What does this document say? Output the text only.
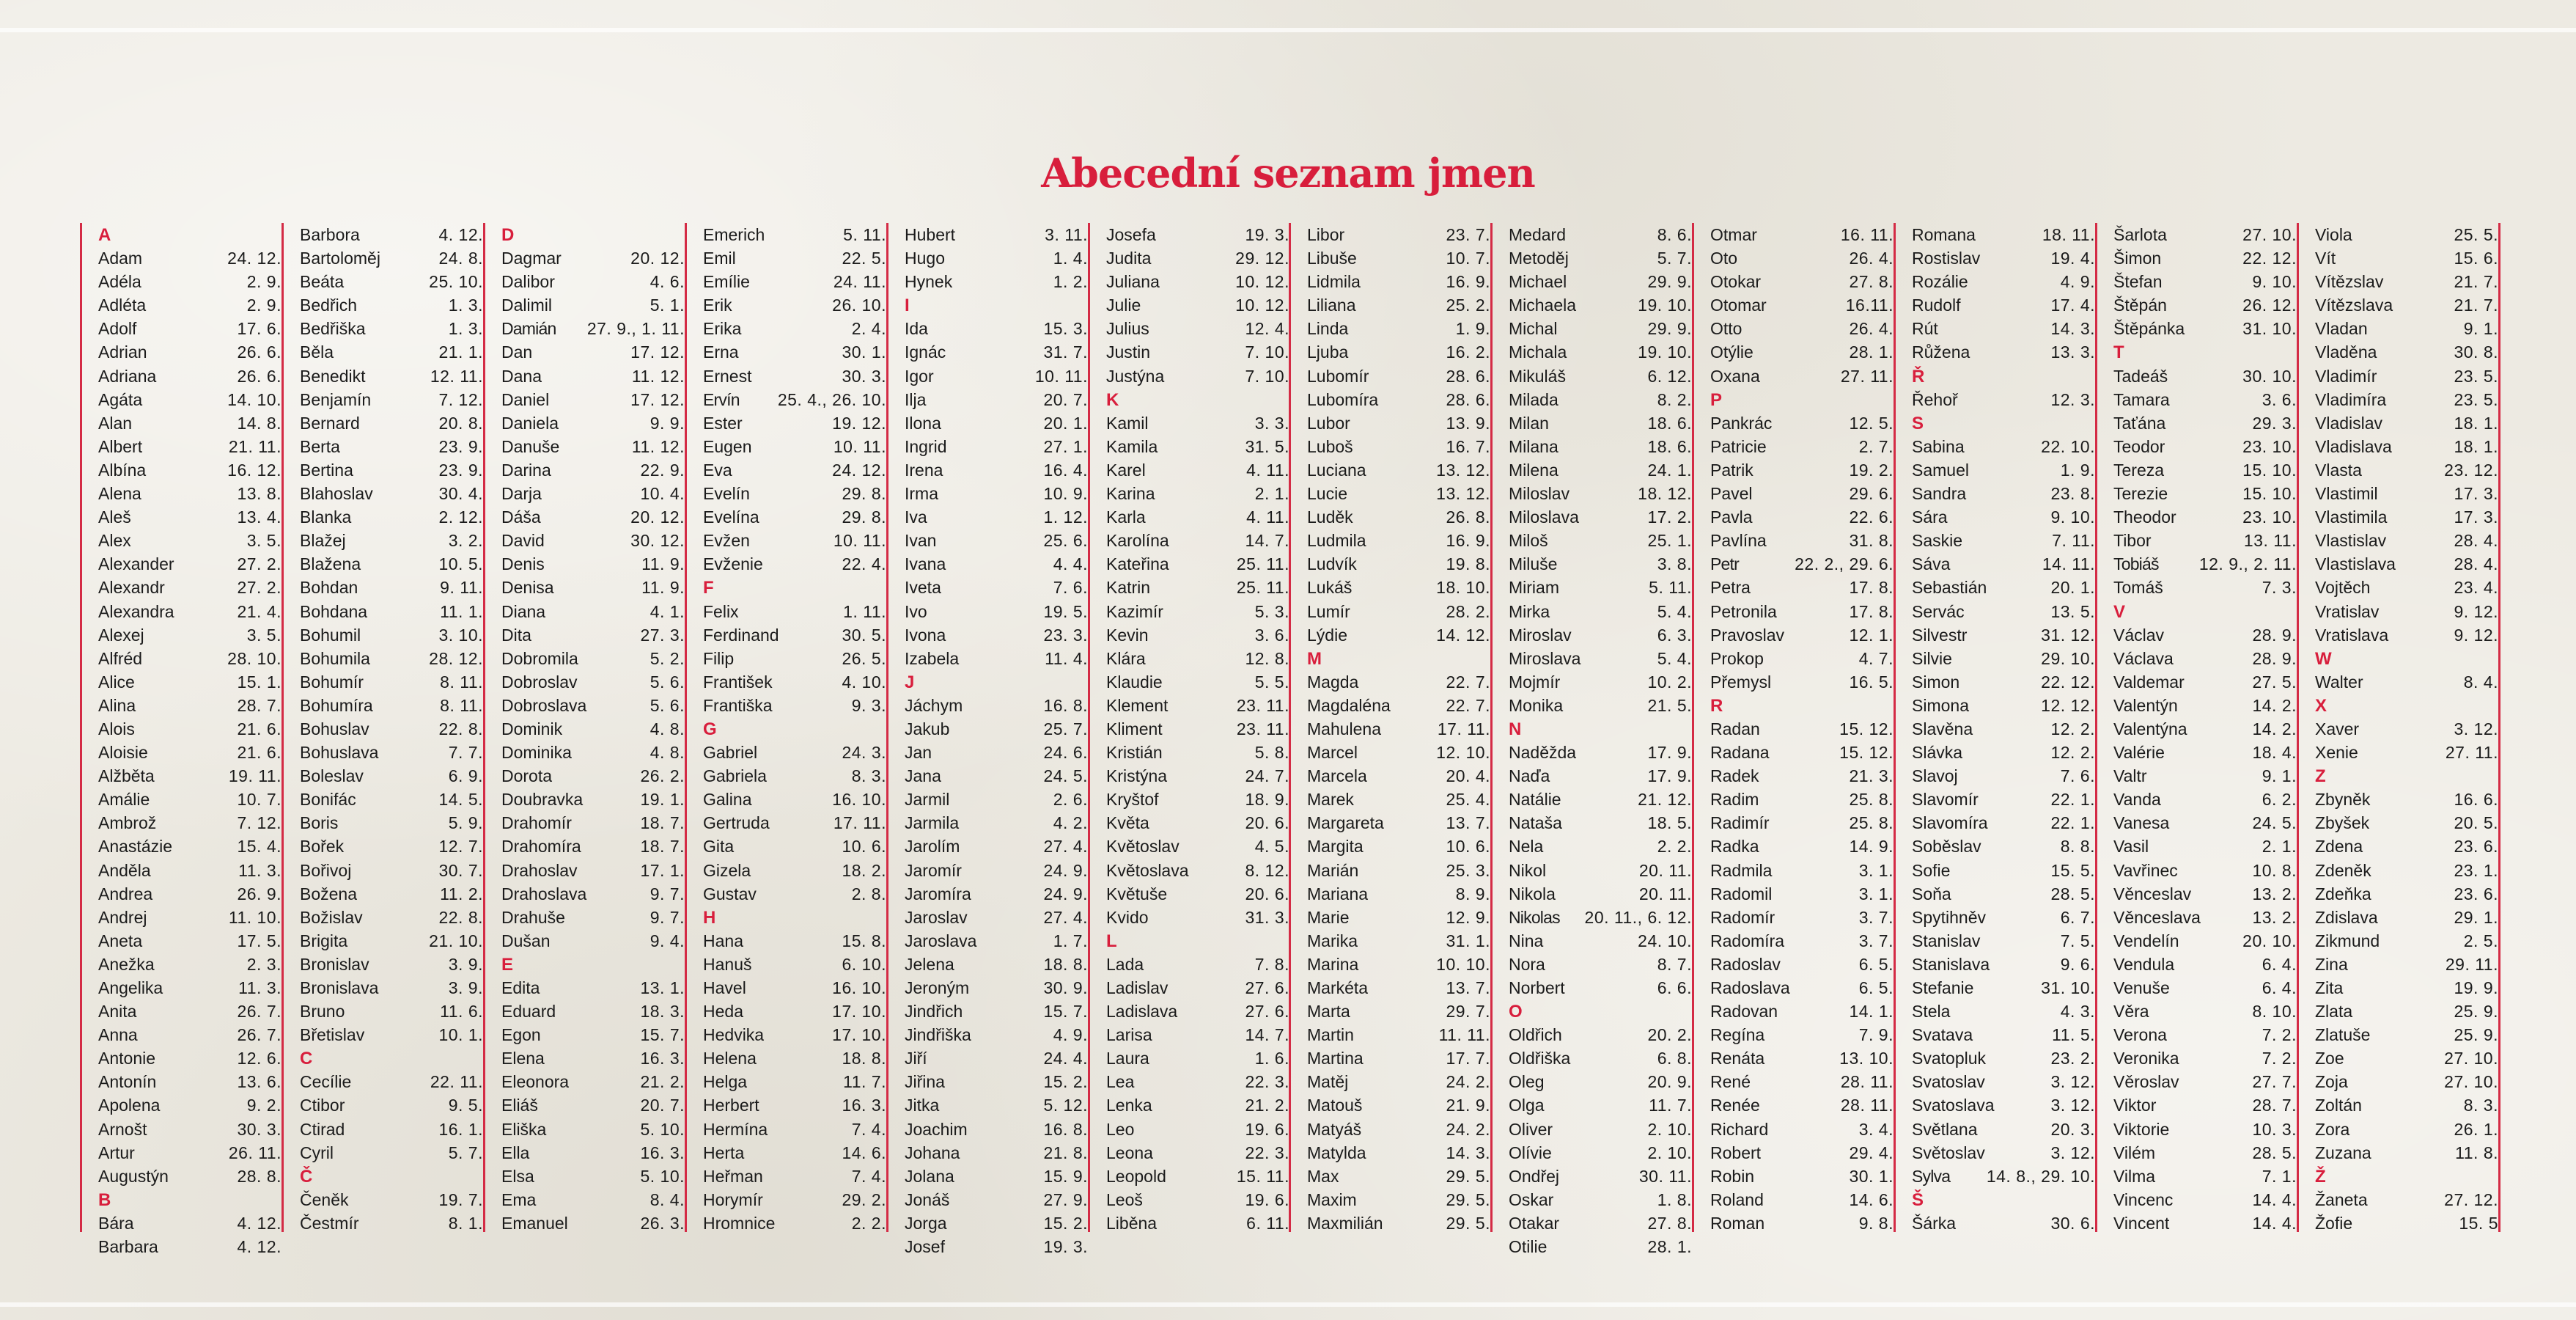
Abecední seznam jmen
A
Adam	24. 12.
Adéla	2. 9.
Adléta	2. 9.
Adolf	17. 6.
Adrian	26. 6.
Adriana	26. 6.
Agáta	14. 10.
Alan	14. 8.
Albert	21. 11.
Albína	16. 12.
Alena	13. 8.
Aleš	13. 4.
Alex	3. 5.
Alexander	27. 2.
Alexandr	27. 2.
Alexandra	21. 4.
Alexej	3. 5.
Alfréd	28. 10.
Alice	15. 1.
Alina	28. 7.
Alois	21. 6.
Aloisie	21. 6.
Alžběta	19. 11.
Amálie	10. 7.
Ambrož	7. 12.
Anastázie	15. 4.
Anděla	11. 3.
Andrea	26. 9.
Andrej	11. 10.
Aneta	17. 5.
Anežka	2. 3.
Angelika	11. 3.
Anita	26. 7.
Anna	26. 7.
Antonie	12. 6.
Antonín	13. 6.
Apolena	9. 2.
Arnošt	30. 3.
Artur	26. 11.
Augustýn	28. 8.
B
Bára	4. 12.
Barbara	4. 12.
Barbora	4. 12.
Bartoloměj	24. 8.
Beáta	25. 10.
Bedřich	1. 3.
Bedřiška	1. 3.
Běla	21. 1.
Benedikt	12. 11.
Benjamín	7. 12.
Bernard	20. 8.
Berta	23. 9.
Bertina	23. 9.
Blahoslav	30. 4.
Blanka	2. 12.
Blažej	3. 2.
Blažena	10. 5.
Bohdan	9. 11.
Bohdana	11. 1.
Bohumil	3. 10.
Bohumila	28. 12.
Bohumír	8. 11.
Bohumíra	8. 11.
Bohuslav	22. 8.
Bohuslava	7. 7.
Boleslav	6. 9.
Bonifác	14. 5.
Boris	5. 9.
Bořek	12. 7.
Bořivoj	30. 7.
Božena	11. 2.
Božislav	22. 8.
Brigita	21. 10.
Bronislav	3. 9.
Bronislava	3. 9.
Bruno	11. 6.
Břetislav	10. 1.
C
Cecílie	22. 11.
Ctibor	9. 5.
Ctirad	16. 1.
Cyril	5. 7.
Č
Čeněk	19. 7.
Čestmír	8. 1.
D
Dagmar	20. 12.
Dalibor	4. 6.
Dalimil	5. 1.
Damián 27. 9., 1. 11.
Dan	17. 12.
Dana	11. 12.
Daniel	17. 12.
Daniela	9. 9.
Danuše	11. 12.
Darina	22. 9.
Darja	10. 4.
Dáša	20. 12.
David	30. 12.
Denis	11. 9.
Denisa	11. 9.
Diana	4. 1.
Dita	27. 3.
Dobromila	5. 2.
Dobroslav	5. 6.
Dobroslava	5. 6.
Dominik	4. 8.
Dominika	4. 8.
Dorota	26. 2.
Doubravka	19. 1.
Drahomír	18. 7.
Drahomíra	18. 7.
Drahoslav	17. 1.
Drahoslava	9. 7.
Drahuše	9. 7.
Dušan	9. 4.
E
Edita	13. 1.
Eduard	18. 3.
Egon	15. 7.
Elena	16. 3.
Eleonora	21. 2.
Eliáš	20. 7.
Eliška	5. 10.
Ella	16. 3.
Elsa	5. 10.
Ema	8. 4.
Emanuel	26. 3.
Emerich	5. 11.
Emil	22. 5.
Emílie	24. 11.
Erik	26. 10.
Erika	2. 4.
Erna	30. 1.
Ernest	30. 3.
Ervín 25. 4., 26. 10.
Ester	19. 12.
Eugen	10. 11.
Eva	24. 12.
Evelín	29. 8.
Evelína	29. 8.
Evžen	10. 11.
Evženie	22. 4.
F
Felix	1. 11.
Ferdinand	30. 5.
Filip	26. 5.
František	4. 10.
Františka	9. 3.
G
Gabriel	24. 3.
Gabriela	8. 3.
Galina	16. 10.
Gertruda	17. 11.
Gita	10. 6.
Gizela	18. 2.
Gustav	2. 8.
H
Hana	15. 8.
Hanuš	6. 10.
Havel	16. 10.
Heda	17. 10.
Hedvika	17. 10.
Helena	18. 8.
Helga	11. 7.
Herbert	16. 3.
Hermína	7. 4.
Herta	14. 6.
Heřman	7. 4.
Horymír	29. 2.
Hromnice	2. 2.
Hubert	3. 11.
Hugo	1. 4.
Hynek	1. 2.
I
Ida	15. 3.
Ignác	31. 7.
Igor	10. 11.
Ilja	20. 7.
Ilona	20. 1.
Ingrid	27. 1.
Irena	16. 4.
Irma	10. 9.
Iva	1. 12.
Ivan	25. 6.
Ivana	4. 4.
Iveta	7. 6.
Ivo	19. 5.
Ivona	23. 3.
Izabela	11. 4.
J
Jáchym	16. 8.
Jakub	25. 7.
Jan	24. 6.
Jana	24. 5.
Jarmil	2. 6.
Jarmila	4. 2.
Jarolím	27. 4.
Jaromír	24. 9.
Jaromíra	24. 9.
Jaroslav	27. 4.
Jaroslava	1. 7.
Jelena	18. 8.
Jeroným	30. 9.
Jindřich	15. 7.
Jindřiška	4. 9.
Jiří	24. 4.
Jiřina	15. 2.
Jitka	5. 12.
Joachim	16. 8.
Johana	21. 8.
Jolana	15. 9.
Jonáš	27. 9.
Jorga	15. 2.
Josef	19. 3.
Josefa	19. 3.
Judita	29. 12.
Juliana	10. 12.
Julie	10. 12.
Julius	12. 4.
Justin	7. 10.
Justýna	7. 10.
K
Kamil	3. 3.
Kamila	31. 5.
Karel	4. 11.
Karina	2. 1.
Karla	4. 11.
Karolína	14. 7.
Kateřina	25. 11.
Katrin	25. 11.
Kazimír	5. 3.
Kevin	3. 6.
Klára	12. 8.
Klaudie	5. 5.
Klement	23. 11.
Kliment	23. 11.
Kristián	5. 8.
Kristýna	24. 7.
Kryštof	18. 9.
Květa	20. 6.
Květoslav	4. 5.
Květoslava	8. 12.
Květuše	20. 6.
Kvido	31. 3.
L
Lada	7. 8.
Ladislav	27. 6.
Ladislava	27. 6.
Larisa	14. 7.
Laura	1. 6.
Lea	22. 3.
Lenka	21. 2.
Leo	19. 6.
Leona	22. 3.
Leopold	15. 11.
Leoš	19. 6.
Liběna	6. 11.
Libor	23. 7.
Libuše	10. 7.
Lidmila	16. 9.
Liliana	25. 2.
Linda	1. 9.
Ljuba	16. 2.
Lubomír	28. 6.
Lubomíra	28. 6.
Lubor	13. 9.
Luboš	16. 7.
Luciana	13. 12.
Lucie	13. 12.
Luděk	26. 8.
Ludmila	16. 9.
Ludvík	19. 8.
Lukáš	18. 10.
Lumír	28. 2.
Lýdie	14. 12.
M
Magda	22. 7.
Magdaléna	22. 7.
Mahulena	17. 11.
Marcel	12. 10.
Marcela	20. 4.
Marek	25. 4.
Margareta	13. 7.
Margita	10. 6.
Marián	25. 3.
Mariana	8. 9.
Marie	12. 9.
Marika	31. 1.
Marina	10. 10.
Markéta	13. 7.
Marta	29. 7.
Martin	11. 11.
Martina	17. 7.
Matěj	24. 2.
Matouš	21. 9.
Matyáš	24. 2.
Matylda	14. 3.
Max	29. 5.
Maxim	29. 5.
Maxmilián	29. 5.
Medard	8. 6.
Metoděj	5. 7.
Michael	29. 9.
Michaela	19. 10.
Michal	29. 9.
Michala	19. 10.
Mikuláš	6. 12.
Milada	8. 2.
Milan	18. 6.
Milana	18. 6.
Milena	24. 1.
Miloslav	18. 12.
Miloslava	17. 2.
Miloš	25. 1.
Miluše	3. 8.
Miriam	5. 11.
Mirka	5. 4.
Miroslav	6. 3.
Miroslava	5. 4.
Mojmír	10. 2.
Monika	21. 5.
N
Naděžda	17. 9.
Naďa	17. 9.
Natálie	21. 12.
Nataša	18. 5.
Nela	2. 2.
Nikol	20. 11.
Nikola	20. 11.
Nikolas 20. 11., 6. 12.
Nina	24. 10.
Nora	8. 7.
Norbert	6. 6.
O
Oldřich	20. 2.
Oldřiška	6. 8.
Oleg	20. 9.
Olga	11. 7.
Oliver	2. 10.
Olívie	2. 10.
Ondřej	30. 11.
Oskar	1. 8.
Otakar	27. 8.
Otilie	28. 1.
Otmar	16. 11.
Oto	26. 4.
Otokar	27. 8.
Otomar	16.11.
Otto	26. 4.
Otýlie	28. 1.
Oxana	27. 11.
P
Pankrác	12. 5.
Patricie	2. 7.
Patrik	19. 2.
Pavel	29. 6.
Pavla	22. 6.
Pavlína	31. 8.
Petr	22. 2., 29. 6.
Petra	17. 8.
Petronila	17. 8.
Pravoslav	12. 1.
Prokop	4. 7.
Přemysl	16. 5.
R
Radan	15. 12.
Radana	15. 12.
Radek	21. 3.
Radim	25. 8.
Radimír	25. 8.
Radka	14. 9.
Radmila	3. 1.
Radomil	3. 1.
Radomír	3. 7.
Radomíra	3. 7.
Radoslav	6. 5.
Radoslava	6. 5.
Radovan	14. 1.
Regína	7. 9.
Renáta	13. 10.
René	28. 11.
Renée	28. 11.
Richard	3. 4.
Robert	29. 4.
Robin	30. 1.
Roland	14. 6.
Roman	9. 8.
Romana	18. 11.
Rostislav	19. 4.
Rozálie	4. 9.
Rudolf	17. 4.
Rút	14. 3.
Růžena	13. 3.
Ř
Řehoř	12. 3.
S
Sabina	22. 10.
Samuel	1. 9.
Sandra	23. 8.
Sára	9. 10.
Saskie	7. 11.
Sáva	14. 11.
Sebastián	20. 1.
Servác	13. 5.
Silvestr	31. 12.
Silvie	29. 10.
Simon	22. 12.
Simona	12. 12.
Slavěna	12. 2.
Slávka	12. 2.
Slavoj	7. 6.
Slavomír	22. 1.
Slavomíra	22. 1.
Soběslav	8. 8.
Sofie	15. 5.
Soňa	28. 5.
Spytihněv	6. 7.
Stanislav	7. 5.
Stanislava	9. 6.
Stefanie	31. 10.
Stela	4. 3.
Svatava	11. 5.
Svatopluk	23. 2.
Svatoslav	3. 12.
Svatoslava	3. 12.
Světlana	20. 3.
Světoslav	3. 12.
Sylva 14. 8., 29. 10.
Š
Šárka	30. 6.
Šarlota	27. 10.
Šimon	22. 12.
Štefan	9. 10.
Štěpán	26. 12.
Štěpánka	31. 10.
T
Tadeáš	30. 10.
Tamara	3. 6.
Taťána	29. 3.
Teodor	23. 10.
Tereza	15. 10.
Terezie	15. 10.
Theodor	23. 10.
Tibor	13. 11.
Tobiáš 12. 9., 2. 11.
Tomáš	7. 3.
V
Václav	28. 9.
Václava	28. 9.
Valdemar	27. 5.
Valentýn	14. 2.
Valentýna	14. 2.
Valérie	18. 4.
Valtr	9. 1.
Vanda	6. 2.
Vanesa	24. 5.
Vasil	2. 1.
Vavřinec	10. 8.
Věnceslav	13. 2.
Věnceslava	13. 2.
Vendelín	20. 10.
Vendula	6. 4.
Venuše	6. 4.
Věra	8. 10.
Verona	7. 2.
Veronika	7. 2.
Věroslav	27. 7.
Viktor	28. 7.
Viktorie	10. 3.
Vilém	28. 5.
Vilma	7. 1.
Vincenc	14. 4.
Vincent	14. 4.
Viola	25. 5.
Vít	15. 6.
Vítězslav	21. 7.
Vítězslava	21. 7.
Vladan	9. 1.
Vladěna	30. 8.
Vladimír	23. 5.
Vladimíra	23. 5.
Vladislav	18. 1.
Vladislava	18. 1.
Vlasta	23. 12.
Vlastimil	17. 3.
Vlastimila	17. 3.
Vlastislav	28. 4.
Vlastislava	28. 4.
Vojtěch	23. 4.
Vratislav	9. 12.
Vratislava	9. 12.
W
Walter	8. 4.
X
Xaver	3. 12.
Xenie	27. 11.
Z
Zbyněk	16. 6.
Zbyšek	20. 5.
Zdena	23. 6.
Zdeněk	23. 1.
Zdeňka	23. 6.
Zdislava	29. 1.
Zikmund	2. 5.
Zina	29. 11.
Zita	19. 9.
Zlata	25. 9.
Zlatuše	25. 9.
Zoe	27. 10.
Zoja	27. 10.
Zoltán	8. 3.
Zora	26. 1.
Zuzana	11. 8.
Ž
Žaneta	27. 12.
Žofie	15. 5
